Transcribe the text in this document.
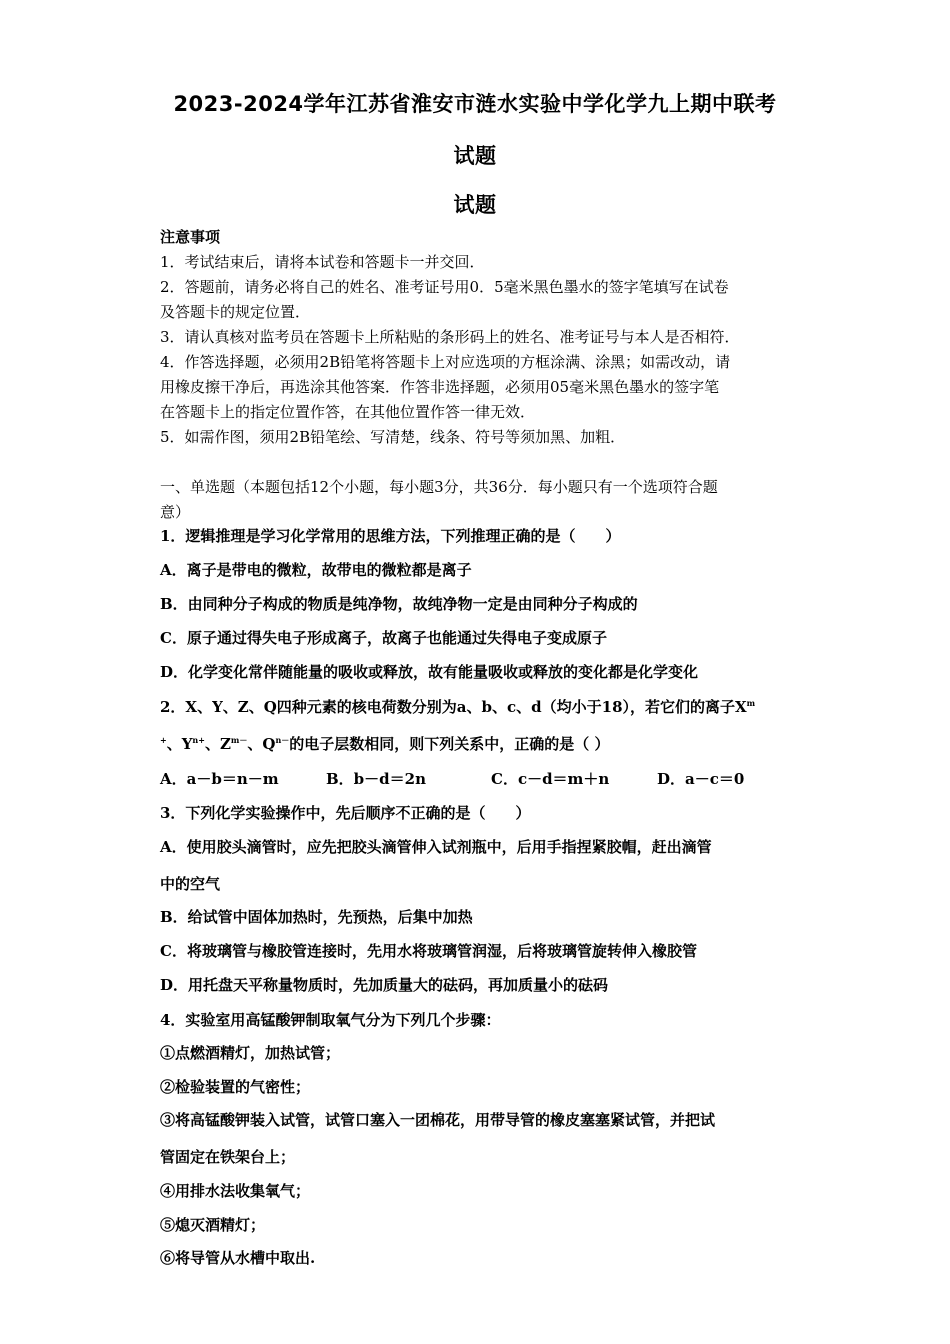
2023-2024学年江苏省淮安市涟水实验中学化学九上期中联考
试题
试题
注意事项
1．考试结束后，请将本试卷和答题卡一并交回．
2．答题前，请务必将自己的姓名、准考证号用0．5毫米黑色墨水的签字笔填写在试卷
及答题卡的规定位置．
3．请认真核对监考员在答题卡上所粘贴的条形码上的姓名、准考证号与本人是否相符．
4．作答选择题，必须用2B铅笔将答题卡上对应选项的方框涂满、涂黑；如需改动，请
用橡皮擦干净后，再选涂其他答案．作答非选择题，必须用05毫米黑色墨水的签字笔
在答题卡上的指定位置作答，在其他位置作答一律无效．
5．如需作图，须用2B铅笔绘、写清楚，线条、符号等须加黑、加粗．
一、单选题（本题包括12个小题，每小题3分，共36分．每小题只有一个选项符合题
意）
1．逻辑推理是学习化学常用的思维方法，下列推理正确的是（　　）
A．离子是带电的微粒，故带电的微粒都是离子
B．由同种分子构成的物质是纯净物，故纯净物一定是由同种分子构成的
C．原子通过得失电子形成离子，故离子也能通过失得电子变成原子
D．化学变化常伴随能量的吸收或释放，故有能量吸收或释放的变化都是化学变化
2．X、Y、Z、Q四种元素的核电荷数分别为a、b、c、d（均小于18），若它们的离子$X^m$
+、$Y^{n+}$、$Z^{m-}$、$Q^{n-}$的电子层数相同，则下列关系中，正确的是（ ）
A．a－b＝n－m	B．b－d＝2n	C．c－d＝m＋n	D．a－c＝0
3．下列化学实验操作中，先后顺序不正确的是（　　）
A．使用胶头滴管时，应先把胶头滴管伸入试剂瓶中，后用手指捏紧胶帽，赶出滴管
中的空气
B．给试管中固体加热时，先预热，后集中加热
C．将玻璃管与橡胶管连接时，先用水将玻璃管润湿，后将玻璃管旋转伸入橡胶管
D．用托盘天平称量物质时，先加质量大的砝码，再加质量小的砝码
4．实验室用高锰酸钾制取氧气分为下列几个步骤：
①点燃酒精灯，加热试管；
②检验装置的气密性；
③将高锰酸钾装入试管，试管口塞入一团棉花，用带导管的橡皮塞塞紧试管，并把试
管固定在铁架台上；
④用排水法收集氧气；
⑤熄灭酒精灯；
⑥将导管从水槽中取出.
